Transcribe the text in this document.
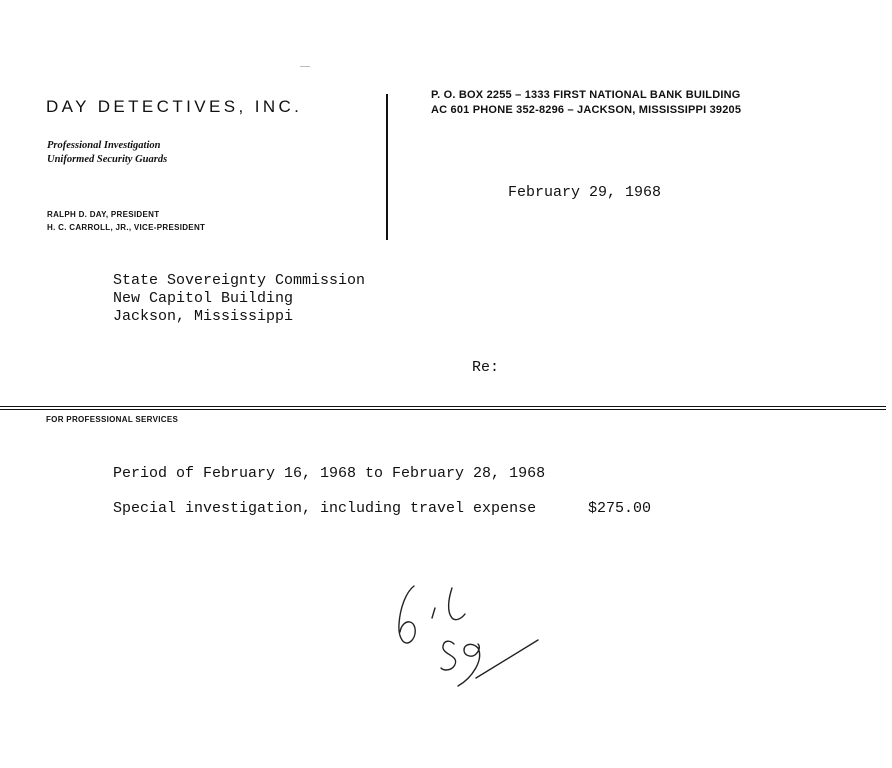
DAY DETECTIVES, INC.
Professional Investigation
Uniformed Security Guards
RALPH D. DAY, PRESIDENT
H. C. CARROLL, JR., VICE-PRESIDENT
P. O. BOX 2255 – 1333 FIRST NATIONAL BANK BUILDING
AC 601 PHONE 352-8296 – JACKSON, MISSISSIPPI 39205
February 29, 1968
State Sovereignty Commission
New Capitol Building
Jackson, Mississippi
Re:
FOR PROFESSIONAL SERVICES
Period of February 16, 1968 to February 28, 1968
Special investigation, including travel expense	$275.00
